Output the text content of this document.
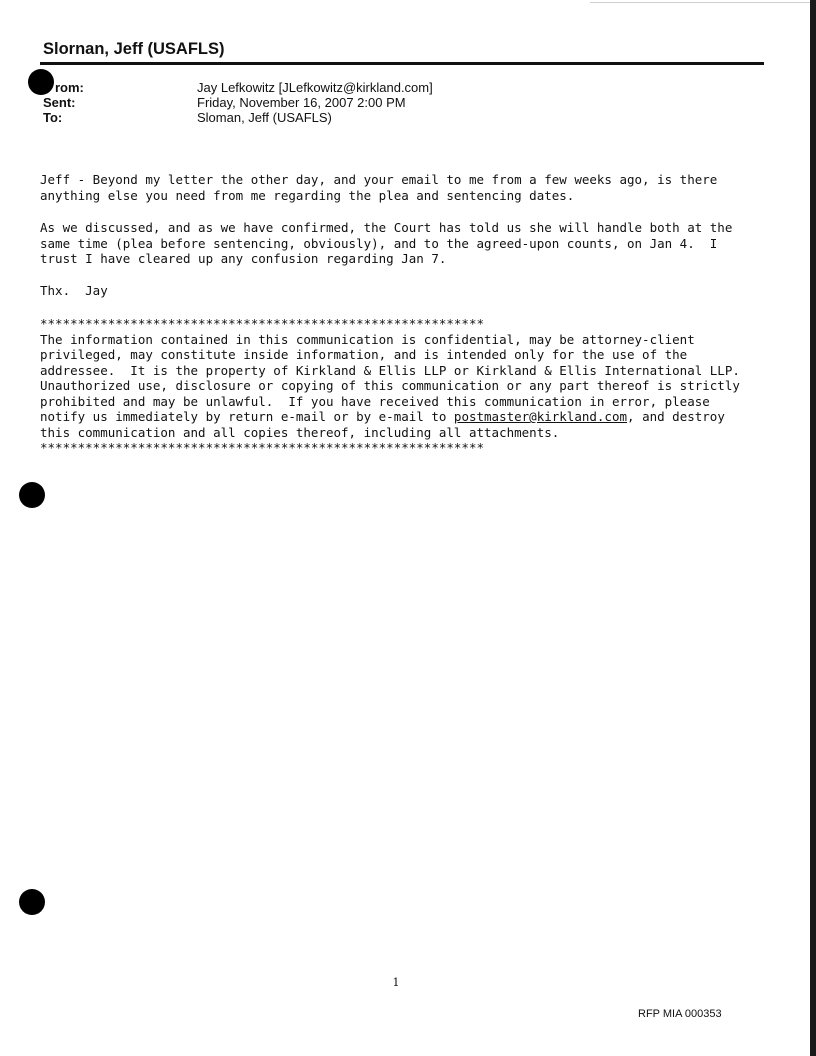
Slornan, Jeff (USAFLS)
rom:	Jay Lefkowitz [JLefkowitz@kirkland.com]
Sent:	Friday, November 16, 2007 2:00 PM
To:	Sloman, Jeff (USAFLS)
Jeff - Beyond my letter the other day, and your email to me from a few weeks ago, is there
anything else you need from me regarding the plea and sentencing dates.
As we discussed, and as we have confirmed, the Court has told us she will handle both at the
same time (plea before sentencing, obviously), and to the agreed-upon counts, on Jan 4.  I
trust I have cleared up any confusion regarding Jan 7.
Thx.  Jay
***********************************************************
The information contained in this communication is confidential, may be attorney-client
privileged, may constitute inside information, and is intended only for the use of the
addressee.  It is the property of Kirkland & Ellis LLP or Kirkland & Ellis International LLP.
Unauthorized use, disclosure or copying of this communication or any part thereof is strictly
prohibited and may be unlawful.  If you have received this communication in error, please
notify us immediately by return e-mail or by e-mail to postmaster@kirkland.com, and destroy
this communication and all copies thereof, including all attachments.
***********************************************************
1
RFP MIA 000353
